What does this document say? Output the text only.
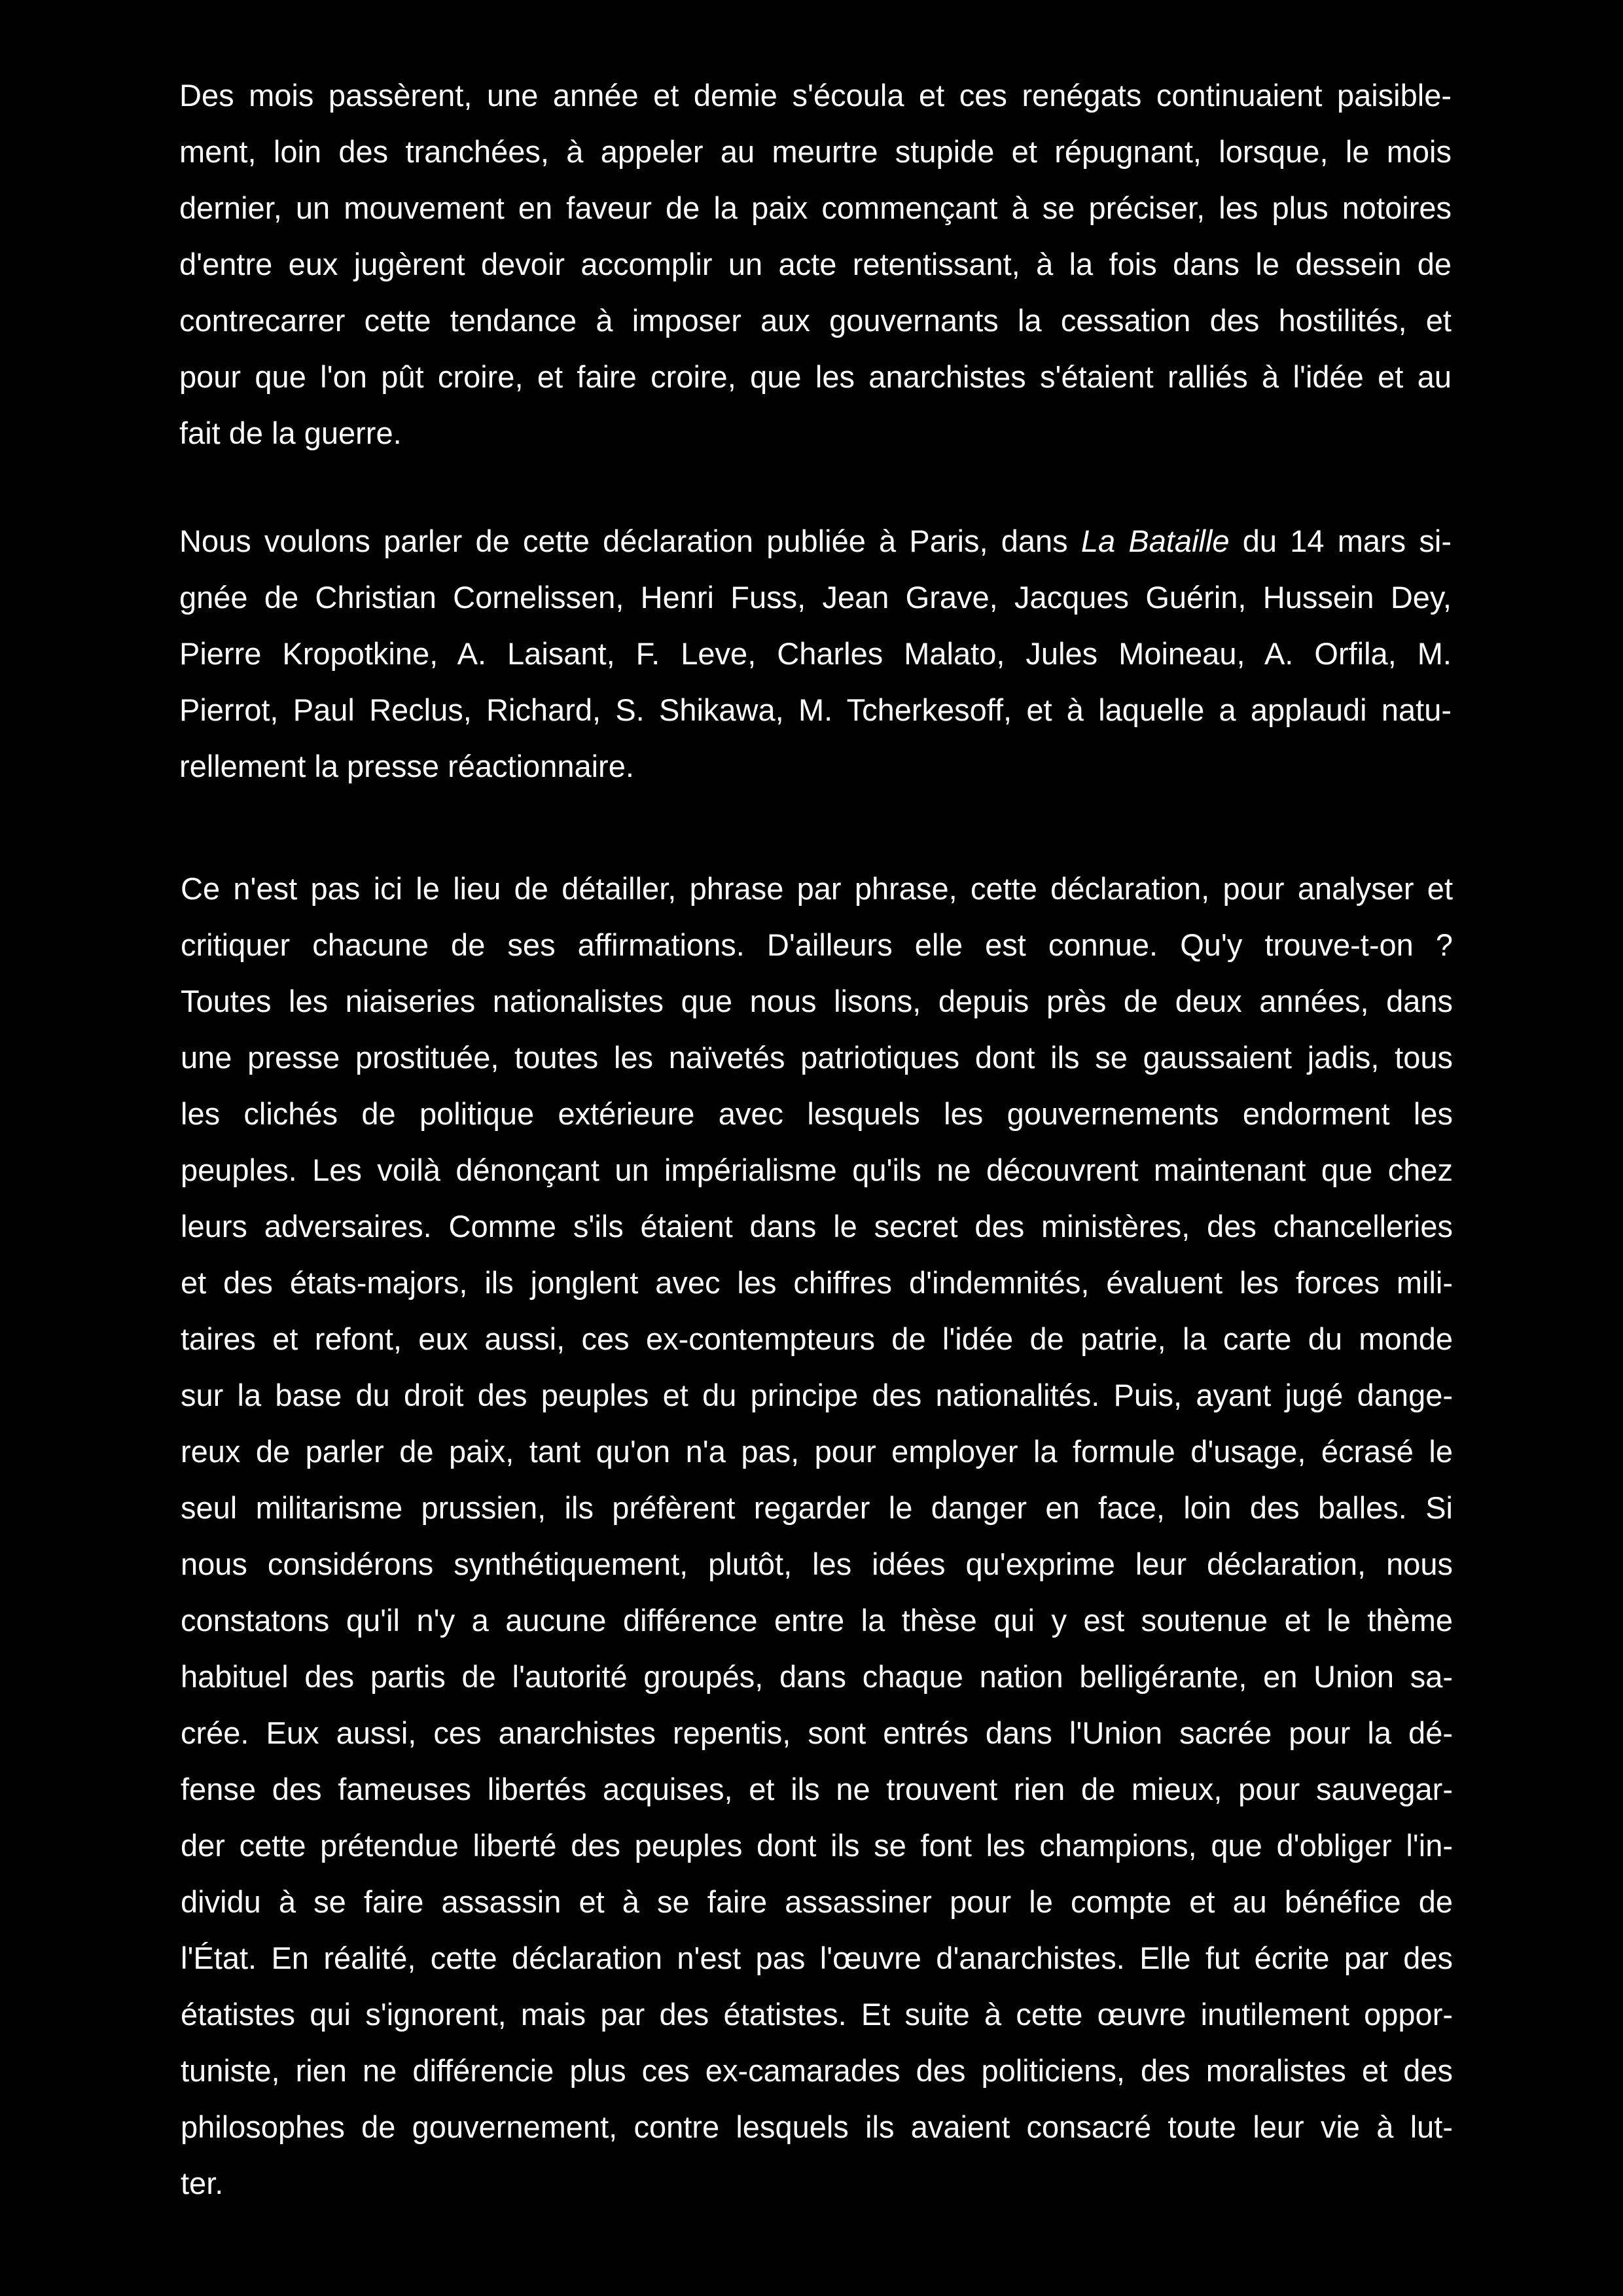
Des mois passèrent, une année et demie s'écoula et ces renégats continuaient paisible-

ment, loin des tranchées, à appeler au meurtre stupide et répugnant, lorsque, le mois

dernier, un mouvement en faveur de la paix commençant à se préciser, les plus notoires

d'entre eux jugèrent devoir accomplir un acte retentissant, à la fois dans le dessein de

contrecarrer cette tendance à imposer aux gouvernants la cessation des hostilités, et

pour que l'on pût croire, et faire croire, que les anarchistes s'étaient ralliés à l'idée et au

fait de la guerre.

Nous voulons parler de cette déclaration publiée à Paris, dans La Bataille du 14 mars si-

gnée de Christian Cornelissen, Henri Fuss, Jean Grave, Jacques Guérin, Hussein Dey,

Pierre Kropotkine, A. Laisant, F. Leve, Charles Malato, Jules Moineau, A. Orfila, M.

Pierrot, Paul Reclus, Richard, S. Shikawa, M. Tcherkesoff, et à laquelle a applaudi natu-

rellement la presse réactionnaire.

Ce n'est pas ici le lieu de détailler, phrase par phrase, cette déclaration, pour analyser et

critiquer chacune de ses affirmations. D'ailleurs elle est connue. Qu'y trouve-t-on ?

Toutes les niaiseries nationalistes que nous lisons, depuis près de deux années, dans

une presse prostituée, toutes les naïvetés patriotiques dont ils se gaussaient jadis, tous

les clichés de politique extérieure avec lesquels les gouvernements endorment les

peuples. Les voilà dénonçant un impérialisme qu'ils ne découvrent maintenant que chez

leurs adversaires. Comme s'ils étaient dans le secret des ministères, des chancelleries

et des états-majors, ils jonglent avec les chiffres d'indemnités, évaluent les forces mili-

taires et refont, eux aussi, ces ex-contempteurs de l'idée de patrie, la carte du monde

sur la base du droit des peuples et du principe des nationalités. Puis, ayant jugé dange-

reux de parler de paix, tant qu'on n'a pas, pour employer la formule d'usage, écrasé le

seul militarisme prussien, ils préfèrent regarder le danger en face, loin des balles. Si

nous considérons synthétiquement, plutôt, les idées qu'exprime leur déclaration, nous

constatons qu'il n'y a aucune différence entre la thèse qui y est soutenue et le thème

habituel des partis de l'autorité groupés, dans chaque nation belligérante, en Union sa-

crée. Eux aussi, ces anarchistes repentis, sont entrés dans l'Union sacrée pour la dé-

fense des fameuses libertés acquises, et ils ne trouvent rien de mieux, pour sauvegar-

der cette prétendue liberté des peuples dont ils se font les champions, que d'obliger l'in-

dividu à se faire assassin et à se faire assassiner pour le compte et au bénéfice de

l'État. En réalité, cette déclaration n'est pas l'œuvre d'anarchistes. Elle fut écrite par des

étatistes qui s'ignorent, mais par des étatistes. Et suite à cette œuvre inutilement oppor-

tuniste, rien ne différencie plus ces ex-camarades des politiciens, des moralistes et des

philosophes de gouvernement, contre lesquels ils avaient consacré toute leur vie à lut-

ter.
